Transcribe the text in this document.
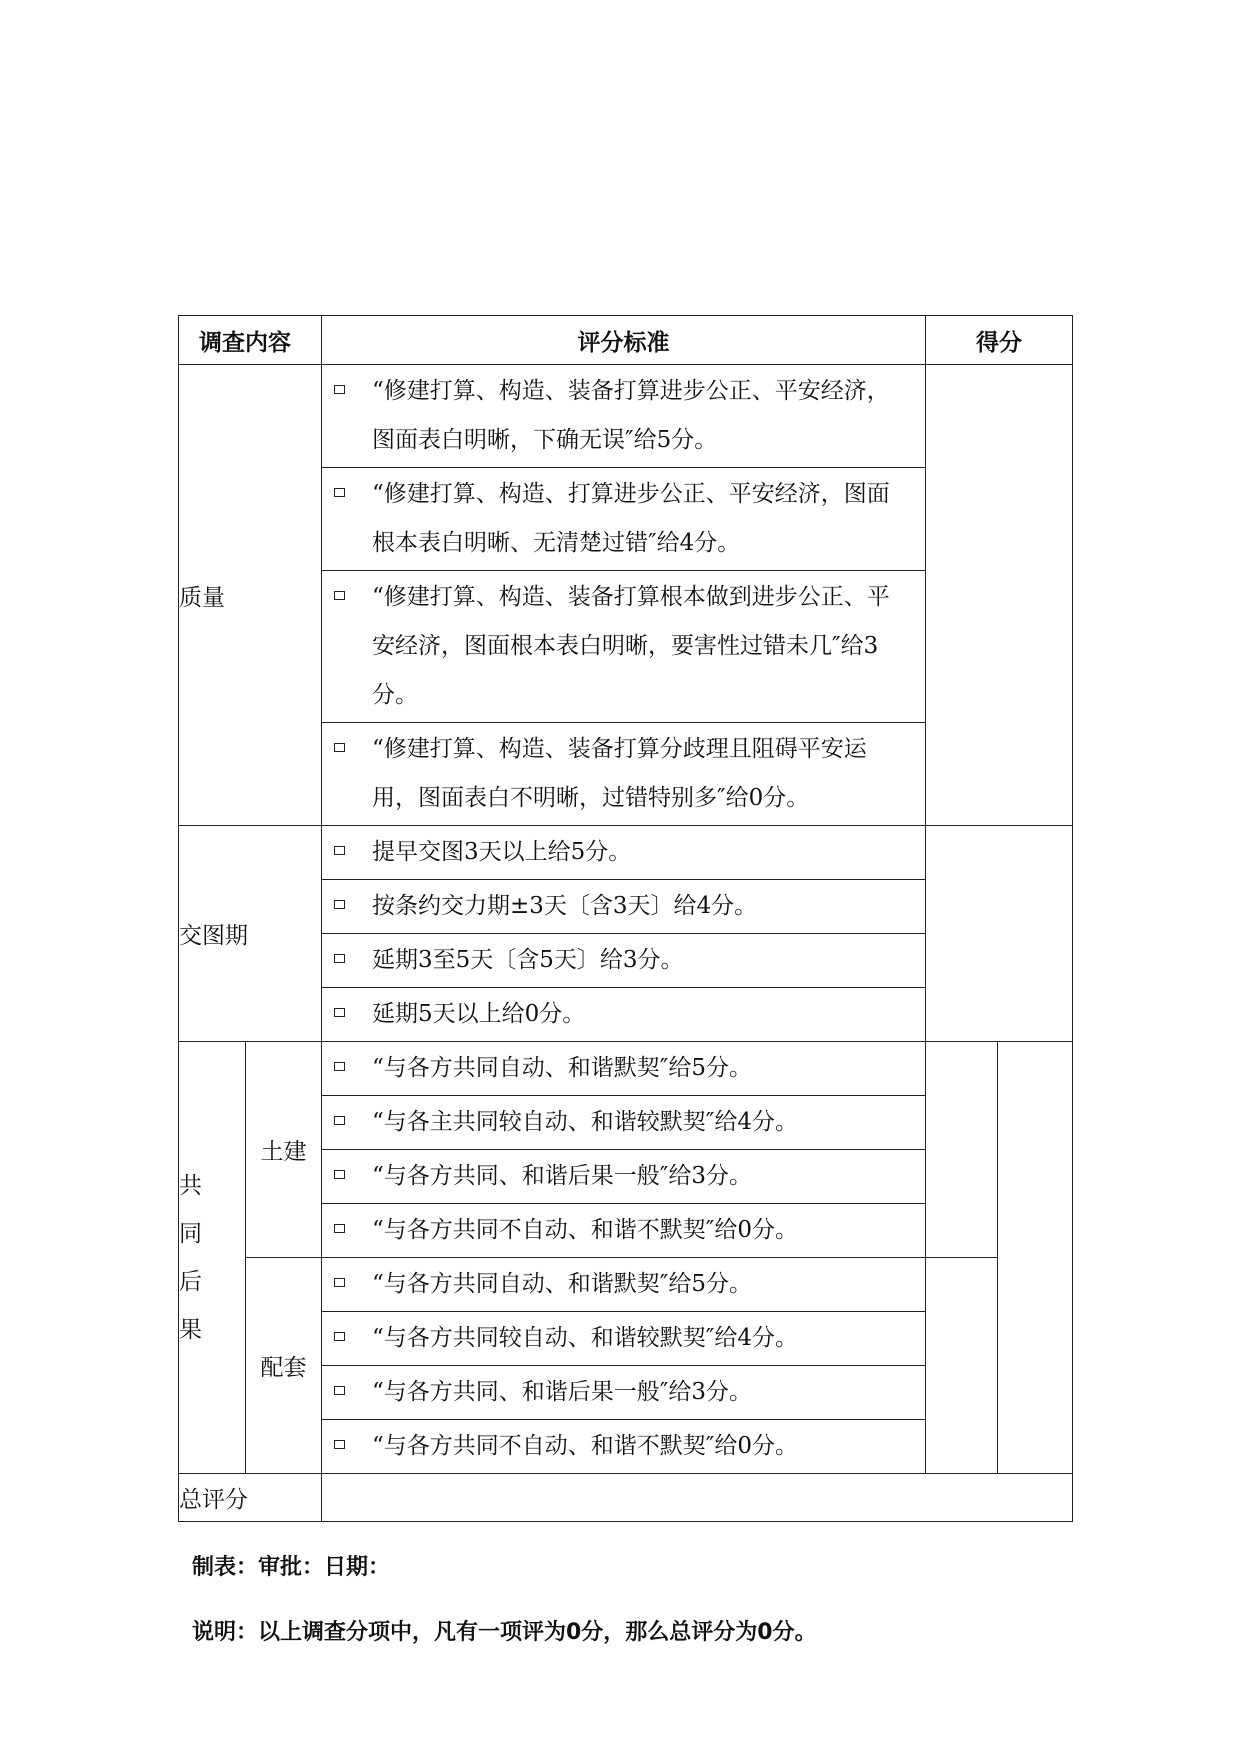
调查内容		评分标准	得分	
质量		“修建打算、构造、装备打算进步公正、平安经济，图面表白明晰，下确无误″给5分。		

		“修建打算、构造、打算进步公正、平安经济，图面根本表白明晰、无清楚过错″给4分。		

		“修建打算、构造、装备打算根本做到进步公正、平安经济，图面根本表白明晰，要害性过错未几″给3分。		

		“修建打算、构造、装备打算分歧理且阻碍平安运用，图面表白不明晰，过错特别多″给0分。		

交图期		提早交图3天以上给5分。		

		按条约交力期±3天〔含3天〕给4分。		

		延期3至5天〔含5天〕给3分。		

		延期5天以上给0分。		

共
同
后
果	土建	“与各方共同自动、和谐默契″给5分。		

		“与各主共同较自动、和谐较默契″给4分。		

		“与各方共同、和谐后果一般″给3分。		

		“与各方共同不自动、和谐不默契″给0分。		

	配套	“与各方共同自动、和谐默契″给5分。		

		“与各方共同较自动、和谐较默契″给4分。		

		“与各方共同、和谐后果一般″给3分。		

		“与各方共同不自动、和谐不默契″给0分。		

总评分				

制表：审批：日期：

说明：以上调查分项中，凡有一项评为0分，那么总评分为0分。
